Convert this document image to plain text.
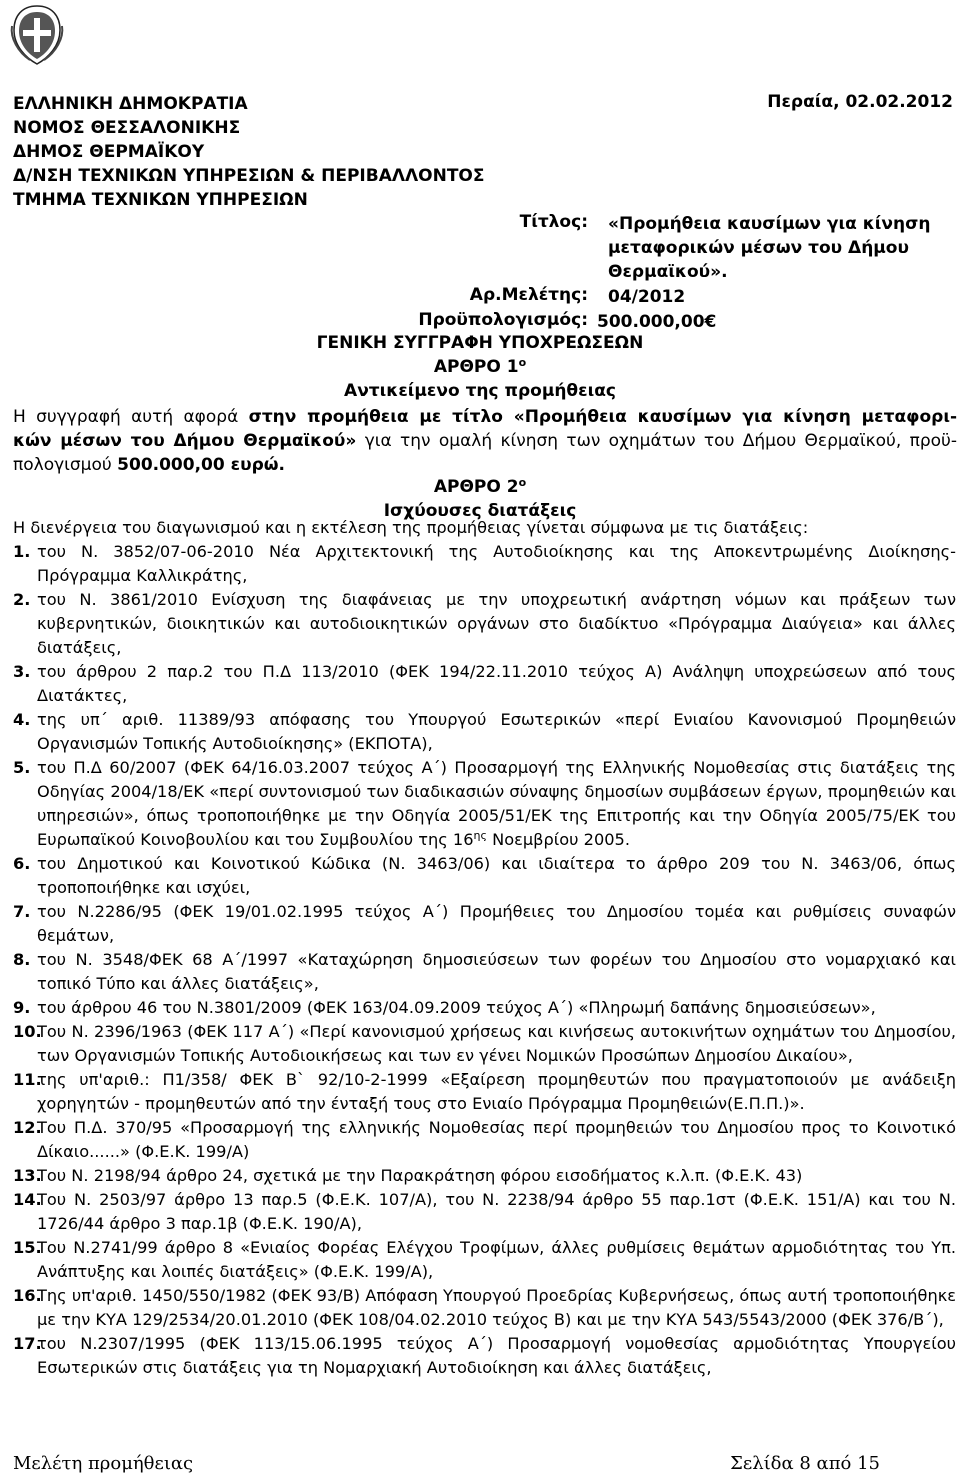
ΕΛΛΗΝΙΚΗ ΔΗΜΟΚΡΑΤΙΑ
ΝΟΜΟΣ ΘΕΣΣΑΛΟΝΙΚΗΣ
ΔΗΜΟΣ ΘΕΡΜΑΪΚΟΥ
Δ/ΝΣΗ ΤΕΧΝΙΚΩΝ ΥΠΗΡΕΣΙΩΝ & ΠΕΡΙΒΑΛΛΟΝΤΟΣ
ΤΜΗΜΑ ΤΕΧΝΙΚΩΝ ΥΠΗΡΕΣΙΩΝ
Περαία, 02.02.2012
Τίτλος: «Προμήθεια καυσίμων για κίνηση
μεταφορικών μέσων του Δήμου
Θερμαϊκού».
Αρ.Μελέτης: 04/2012
Προϋπολογισμός: 500.000,00€
ΓΕΝΙΚΗ ΣΥΓΓΡΑΦΗ ΥΠΟΧΡΕΩΣΕΩΝ
ΑΡΘΡΟ $1^o$
Αντικείμενο της προμήθειας
Η συγγραφή αυτή αφορά στην προμήθεια με τίτλο «Προμήθεια καυσίμων για κίνηση μεταφορι-
κών μέσων του Δήμου Θερμαϊκού» για την ομαλή κίνηση των οχημάτων του Δήμου Θερμαϊκού, προϋ-
πολογισμού 500.000,00 ευρώ.
ΑΡΘΡΟ $2^o$
Ισχύουσες διατάξεις
Η διενέργεια του διαγωνισμού και η εκτέλεση της προμήθειας γίνεται σύμφωνα με τις διατάξεις:
1. του Ν. 3852/07-06-2010 Νέα Αρχιτεκτονική της Αυτοδιοίκησης και της Αποκεντρωμένης Διοίκησης- Πρόγραμμα Καλλικράτης,
2. του Ν. 3861/2010 Ενίσχυση της διαφάνειας με την υποχρεωτική ανάρτηση νόμων και πράξεων των κυβερνητικών, διοικητικών και αυτοδιοικητικών οργάνων στο διαδίκτυο «Πρόγραμμα Διαύγεια» και άλλες διατάξεις,
3. του άρθρου 2 παρ.2 του Π.Δ 113/2010 (ΦΕΚ 194/22.11.2010 τεύχος Α) Ανάληψη υποχρεώσεων από τους Διατάκτες,
4. της υπ΄ αριθ. 11389/93 απόφασης του Υπουργού Εσωτερικών «περί Ενιαίου Κανονισμού Προμηθειών Οργανισμών Τοπικής Αυτοδιοίκησης» (ΕΚΠΟΤΑ),
5. του Π.Δ 60/2007 (ΦΕΚ 64/16.03.2007 τεύχος Α΄) Προσαρμογή της Ελληνικής Νομοθεσίας στις διατάξεις της Οδηγίας 2004/18/ΕΚ «περί συντονισμού των διαδικασιών σύναψης δημοσίων συμβάσεων έργων, προμηθειών και υπηρεσιών», όπως τροποποιήθηκε με την Οδηγία 2005/51/ΕΚ της Επιτροπής και την Οδηγία 2005/75/ΕΚ του Ευρωπαϊκού Κοινοβουλίου και του Συμβουλίου της $16^{\eta\varsigma}$ Νοεμβρίου 2005.
6. του Δημοτικού και Κοινοτικού Κώδικα (Ν. 3463/06) και ιδιαίτερα το άρθρο 209 του Ν. 3463/06, όπως τροποποιήθηκε και ισχύει,
7. του Ν.2286/95 (ΦΕΚ 19/01.02.1995 τεύχος Α΄) Προμήθειες του Δημοσίου τομέα και ρυθμίσεις συναφών θεμάτων,
8. του Ν. 3548/ΦΕΚ 68 Α΄/1997 «Καταχώρηση δημοσιεύσεων των φορέων του Δημοσίου στο νομαρχιακό και τοπικό Τύπο και άλλες διατάξεις»,
9. του άρθρου 46 του Ν.3801/2009 (ΦΕΚ 163/04.09.2009 τεύχος Α΄) «Πληρωμή δαπάνης δημοσιεύσεων»,
10.
Του Ν. 2396/1963 (ΦΕΚ 117 Α΄) «Περί κανονισμού χρήσεως και κινήσεως αυτοκινήτων οχημάτων του Δημοσίου, των Οργανισμών Τοπικής Αυτοδιοικήσεως και των εν γένει Νομικών Προσώπων Δημοσίου Δικαίου»,
11.
της υπ'αριθ.: Π1/358/ ΦΕΚ Β` 92/10-2-1999 «Εξαίρεση προμηθευτών που πραγματοποιούν με ανάδειξη χορηγητών - προμηθευτών από την ένταξή τους στο Ενιαίο Πρόγραμμα Προμηθειών(Ε.Π.Π.)».
12.
Του Π.Δ. 370/95 «Προσαρμογή της ελληνικής Νομοθεσίας περί προμηθειών του Δημοσίου προς το Κοινοτικό Δίκαιο......» (Φ.Ε.Κ. 199/Α)
13.
Του Ν. 2198/94 άρθρο 24, σχετικά με την Παρακράτηση φόρου εισοδήματος κ.λ.π. (Φ.Ε.Κ. 43)
14.
Του Ν. 2503/97 άρθρο 13 παρ.5 (Φ.Ε.Κ. 107/Α), του Ν. 2238/94 άρθρο 55 παρ.1στ (Φ.Ε.Κ. 151/Α) και του Ν. 1726/44 άρθρο 3 παρ.1β (Φ.Ε.Κ. 190/Α),
15.
Του Ν.2741/99 άρθρο 8 «Ενιαίος Φορέας Ελέγχου Τροφίμων, άλλες ρυθμίσεις θεμάτων αρμοδιότητας του Υπ. Ανάπτυξης και λοιπές διατάξεις» (Φ.Ε.Κ. 199/Α),
16.
Της υπ'αριθ. 1450/550/1982 (ΦΕΚ 93/Β) Απόφαση Υπουργού Προεδρίας Κυβερνήσεως, όπως αυτή τροποποιήθηκε με την ΚΥΑ 129/2534/20.01.2010 (ΦΕΚ 108/04.02.2010 τεύχος Β) και με την ΚΥΑ 543/5543/2000 (ΦΕΚ 376/Β΄),
17.
του Ν.2307/1995 (ΦΕΚ 113/15.06.1995 τεύχος Α΄) Προσαρμογή νομοθεσίας αρμοδιότητας Υπουργείου Εσωτερικών στις διατάξεις για τη Νομαρχιακή Αυτοδιοίκηση και άλλες διατάξεις,
Μελέτη προμήθειας	Σελίδα 8 από 15
